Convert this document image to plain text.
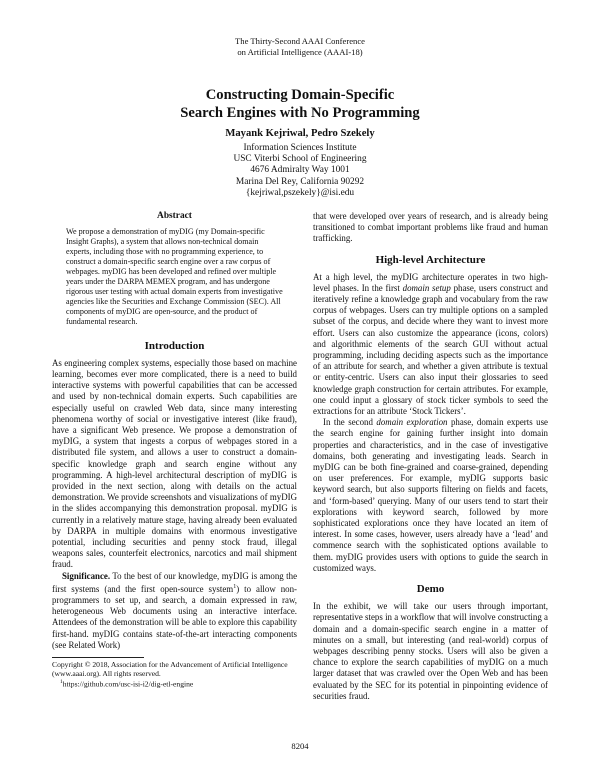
The Thirty-Second AAAI Conference
on Artificial Intelligence (AAAI-18)
Constructing Domain-Specific
Search Engines with No Programming
Mayank Kejriwal, Pedro Szekely
Information Sciences Institute
USC Viterbi School of Engineering
4676 Admiralty Way 1001
Marina Del Rey, California 90292
{kejriwal,pszekely}@isi.edu
Abstract

We propose a demonstration of myDIG (my Domain-specific Insight Graphs), a system that allows non-technical domain experts, including those with no programming experience, to construct a domain-specific search engine over a raw corpus of webpages. myDIG has been developed and refined over multiple years under the DARPA MEMEX program, and has undergone rigorous user testing with actual domain experts from investigative agencies like the Securities and Exchange Commission (SEC). All components of myDIG are open-source, and the product of fundamental research.

Introduction

As engineering complex systems, especially those based on machine learning, becomes ever more complicated, there is a need to build interactive systems with powerful capabilities that can be accessed and used by non-technical domain experts. Such capabilities are especially useful on crawled Web data, since many interesting phenomena worthy of social or investigative interest (like fraud), have a significant Web presence. We propose a demonstration of myDIG, a system that ingests a corpus of webpages stored in a distributed file system, and allows a user to construct a domain-specific knowledge graph and search engine without any programming. A high-level architectural description of myDIG is provided in the next section, along with details on the actual demonstration. We provide screenshots and visualizations of myDIG in the slides accompanying this demonstration proposal. myDIG is currently in a relatively mature stage, having already been evaluated by DARPA in multiple domains with enormous investigative potential, including securities and penny stock fraud, illegal weapons sales, counterfeit electronics, narcotics and mail shipment fraud.

Significance. To the best of our knowledge, myDIG is among the first systems (and the first open-source system$^1$) to allow non-programmers to set up, and search, a domain expressed in raw, heterogeneous Web documents using an interactive interface. Attendees of the demonstration will be able to explore this capability first-hand. myDIG contains state-of-the-art interacting components (see Related Work)

Copyright © 2018, Association for the Advancement of Artificial Intelligence (www.aaai.org). All rights reserved.

$^1$https://github.com/usc-isi-i2/dig-etl-engine

that were developed over years of research, and is already being transitioned to combat important problems like fraud and human trafficking.

High-level Architecture

At a high level, the myDIG architecture operates in two high-level phases. In the first domain setup phase, users construct and iteratively refine a knowledge graph and vocabulary from the raw corpus of webpages. Users can try multiple options on a sampled subset of the corpus, and decide where they want to invest more effort. Users can also customize the appearance (icons, colors) and algorithmic elements of the search GUI without actual programming, including deciding aspects such as the importance of an attribute for search, and whether a given attribute is textual or entity-centric. Users can also input their glossaries to seed knowledge graph construction for certain attributes. For example, one could input a glossary of stock ticker symbols to seed the extractions for an attribute ‘Stock Tickers’.

In the second domain exploration phase, domain experts use the search engine for gaining further insight into domain properties and characteristics, and in the case of investigative domains, both generating and investigating leads. Search in myDIG can be both fine-grained and coarse-grained, depending on user preferences. For example, myDIG supports basic keyword search, but also supports filtering on fields and facets, and ‘form-based’ querying. Many of our users tend to start their explorations with keyword search, followed by more sophisticated explorations once they have located an item of interest. In some cases, however, users already have a ‘lead’ and commence search with the sophisticated options available to them. myDIG provides users with options to guide the search in customized ways.

Demo

In the exhibit, we will take our users through important, representative steps in a workflow that will involve constructing a domain and a domain-specific search engine in a matter of minutes on a small, but interesting (and real-world) corpus of webpages describing penny stocks. Users will also be given a chance to explore the search capabilities of myDIG on a much larger dataset that was crawled over the Open Web and has been evaluated by the SEC for its potential in pinpointing evidence of securities fraud.

8204
